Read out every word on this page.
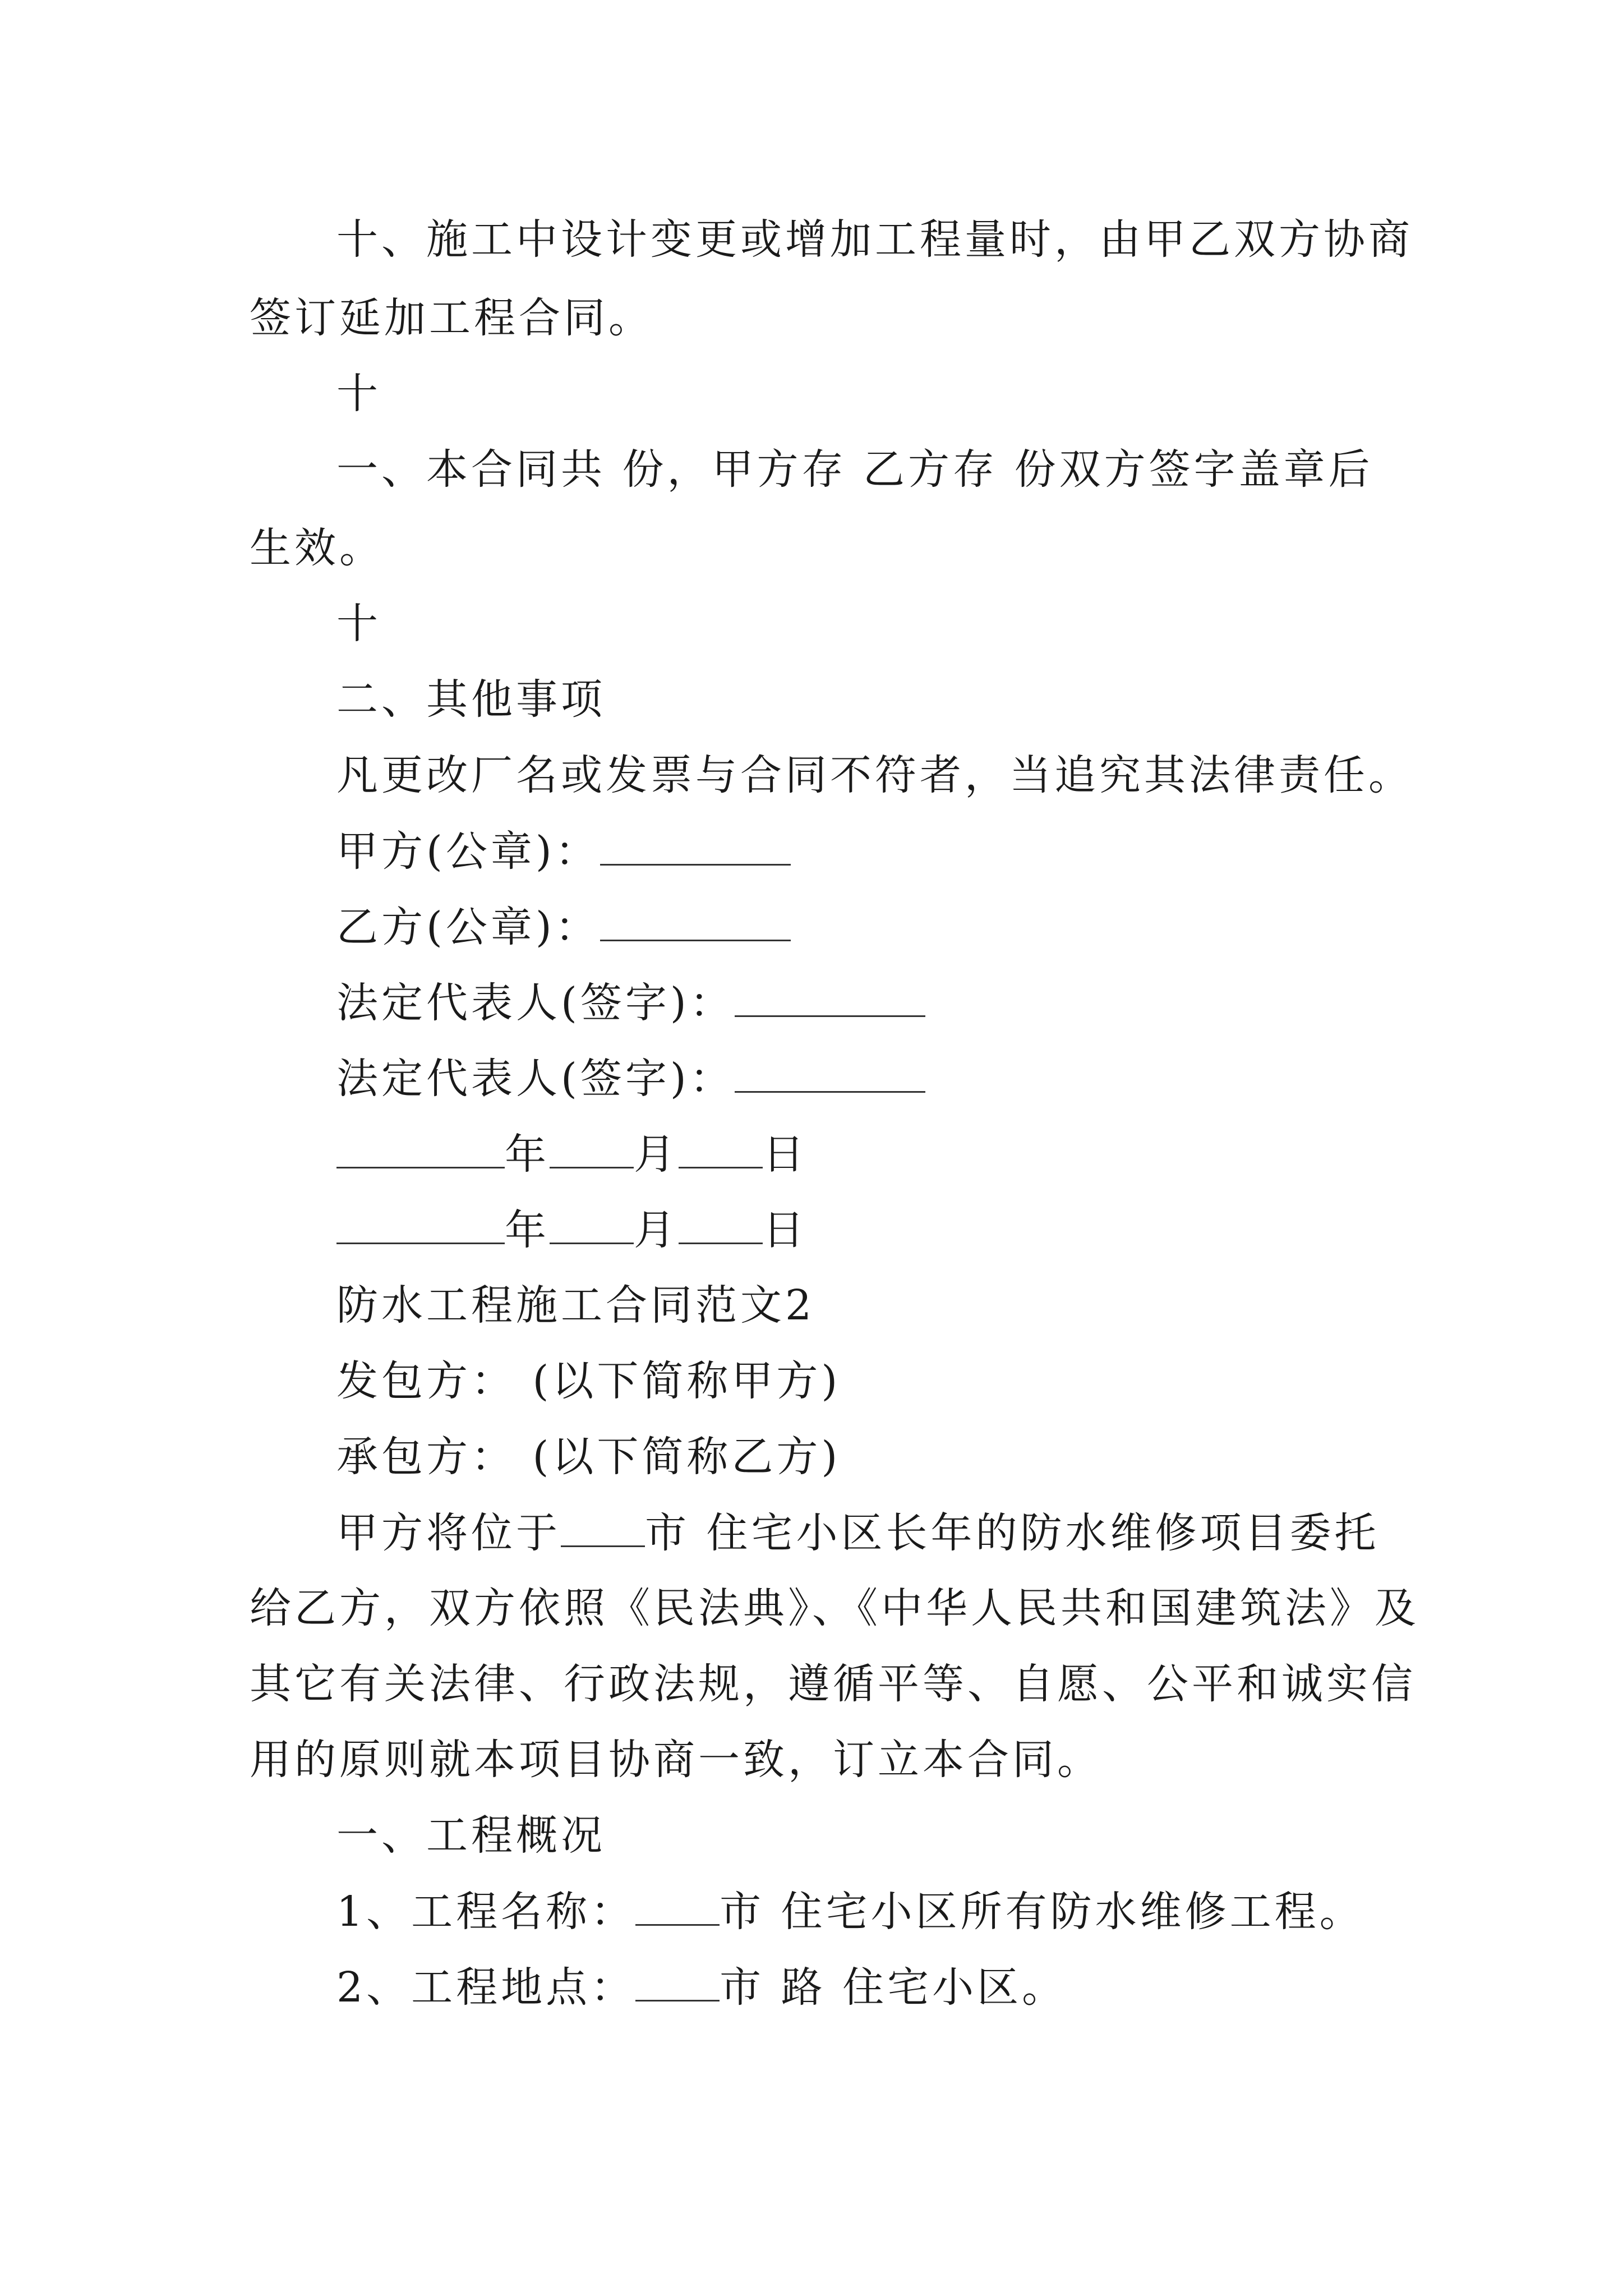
十、施工中设计变更或增加工程量时，由甲乙双方协商
签订延加工程合同。
十
一、本合同共 份，甲方存 乙方存 份双方签字盖章后
生效。
十
二、其他事项
凡更改厂名或发票与合同不符者，当追究其法律责任。
甲方(公章)：
乙方(公章)：
法定代表人(签字)：
法定代表人(签字)：
年 月 日
年 月 日
防水工程施工合同范文2
发包方： (以下简称甲方)
承包方： (以下简称乙方)
甲方将位于 市 住宅小区长年的防水维修项目委托
给乙方，双方依照《民法典》、《中华人民共和国建筑法》及
其它有关法律、行政法规，遵循平等、自愿、公平和诚实信
用的原则就本项目协商一致，订立本合同。
一、工程概况
1、工程名称： 市 住宅小区所有防水维修工程。
2、工程地点： 市 路 住宅小区。
